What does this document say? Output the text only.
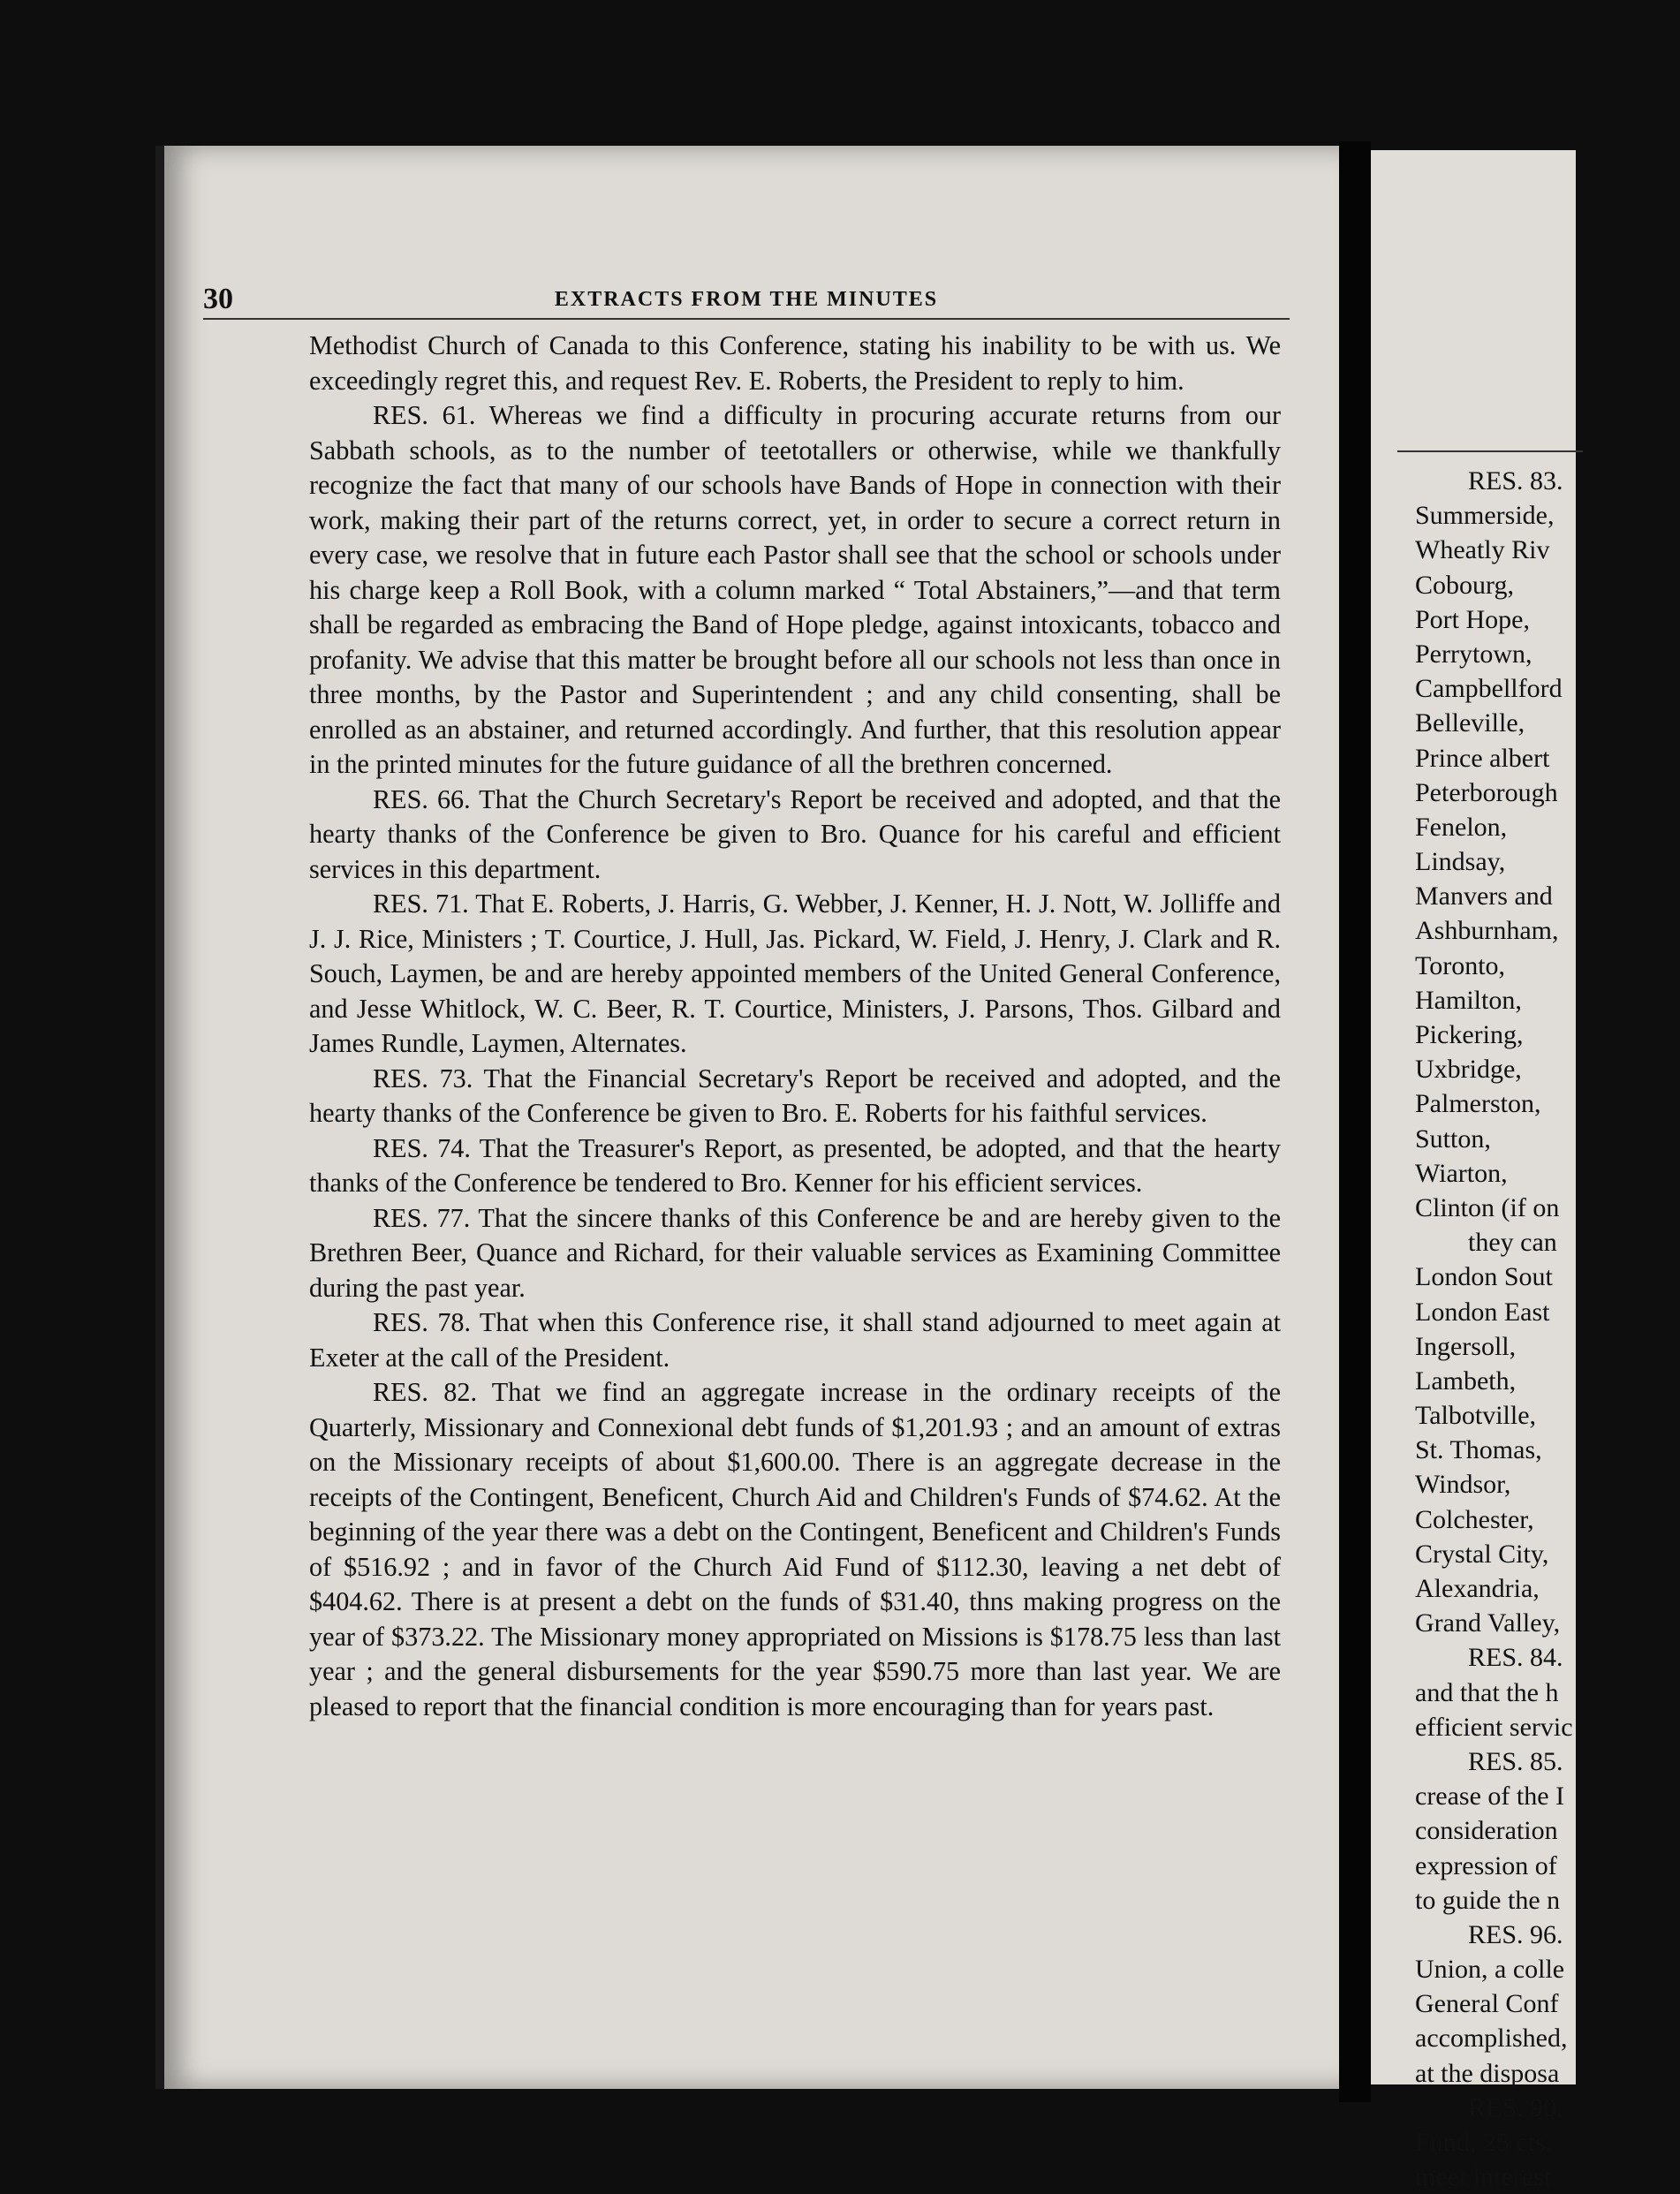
RES. 83.
Summerside,
Wheatly Riv
Cobourg,
Port Hope,
Perrytown,
Campbellford
Belleville,
Prince albert
Peterborough
Fenelon,
Lindsay,
Manvers and
Ashburnham,
Toronto,
Hamilton,
Pickering,
Uxbridge,
Palmerston,
Sutton,
Wiarton,
Clinton (if on
they can
London Sout
London East
Ingersoll,
Lambeth,
Talbotville,
St. Thomas,
Windsor,
Colchester,
Crystal City,
Alexandria,
Grand Valley,
RES. 84.
and that the h
efficient servic
RES. 85.
crease of the I
consideration
expression of
to guide the n
RES. 96.
Union, a colle
General Conf
accomplished,
at the disposa
RES. 90.
Fund, 25 cts.
meet interest
30	EXTRACTS FROM THE MINUTES

Methodist Church of Canada to this Conference, stating his inability to be with us. We exceedingly regret this, and request Rev. E. Roberts, the President to reply to him.

RES. 61. Whereas we find a difficulty in procuring accurate returns from our Sabbath schools, as to the number of teetotallers or otherwise, while we thankfully recognize the fact that many of our schools have Bands of Hope in connection with their work, making their part of the returns correct, yet, in order to secure a correct return in every case, we resolve that in future each Pastor shall see that the school or schools under his charge keep a Roll Book, with a column marked “ Total Abstainers,”—and that term shall be regarded as embracing the Band of Hope pledge, against intoxicants, tobacco and profanity. We advise that this matter be brought before all our schools not less than once in three months, by the Pastor and Superintendent ; and any child consenting, shall be enrolled as an abstainer, and returned accordingly. And further, that this resolution appear in the printed minutes for the future guidance of all the brethren concerned.

RES. 66. That the Church Secretary's Report be received and adopted, and that the hearty thanks of the Conference be given to Bro. Quance for his careful and efficient services in this department.

RES. 71. That E. Roberts, J. Harris, G. Webber, J. Kenner, H. J. Nott, W. Jolliffe and J. J. Rice, Ministers ; T. Courtice, J. Hull, Jas. Pickard, W. Field, J. Henry, J. Clark and R. Souch, Laymen, be and are hereby appointed members of the United General Conference, and Jesse Whitlock, W. C. Beer, R. T. Courtice, Ministers, J. Parsons, Thos. Gilbard and James Rundle, Laymen, Alternates.

RES. 73. That the Financial Secretary's Report be received and adopted, and the hearty thanks of the Conference be given to Bro. E. Roberts for his faithful services.

RES. 74. That the Treasurer's Report, as presented, be adopted, and that the hearty thanks of the Conference be tendered to Bro. Kenner for his efficient services.

RES. 77. That the sincere thanks of this Conference be and are hereby given to the Brethren Beer, Quance and Richard, for their valuable services as Examining Committee during the past year.

RES. 78. That when this Conference rise, it shall stand adjourned to meet again at Exeter at the call of the President.

RES. 82. That we find an aggregate increase in the ordinary receipts of the Quarterly, Missionary and Connexional debt funds of $1,201.93 ; and an amount of extras on the Missionary receipts of about $1,600.00. There is an aggregate decrease in the receipts of the Contingent, Beneficent, Church Aid and Children's Funds of $74.62. At the beginning of the year there was a debt on the Contingent, Beneficent and Children's Funds of $516.92 ; and in favor of the Church Aid Fund of $112.30, leaving a net debt of $404.62. There is at present a debt on the funds of $31.40, thns making progress on the year of $373.22. The Missionary money appropriated on Missions is $178.75 less than last year ; and the general disbursements for the year $590.75 more than last year. We are pleased to report that the financial condition is more encouraging than for years past.
